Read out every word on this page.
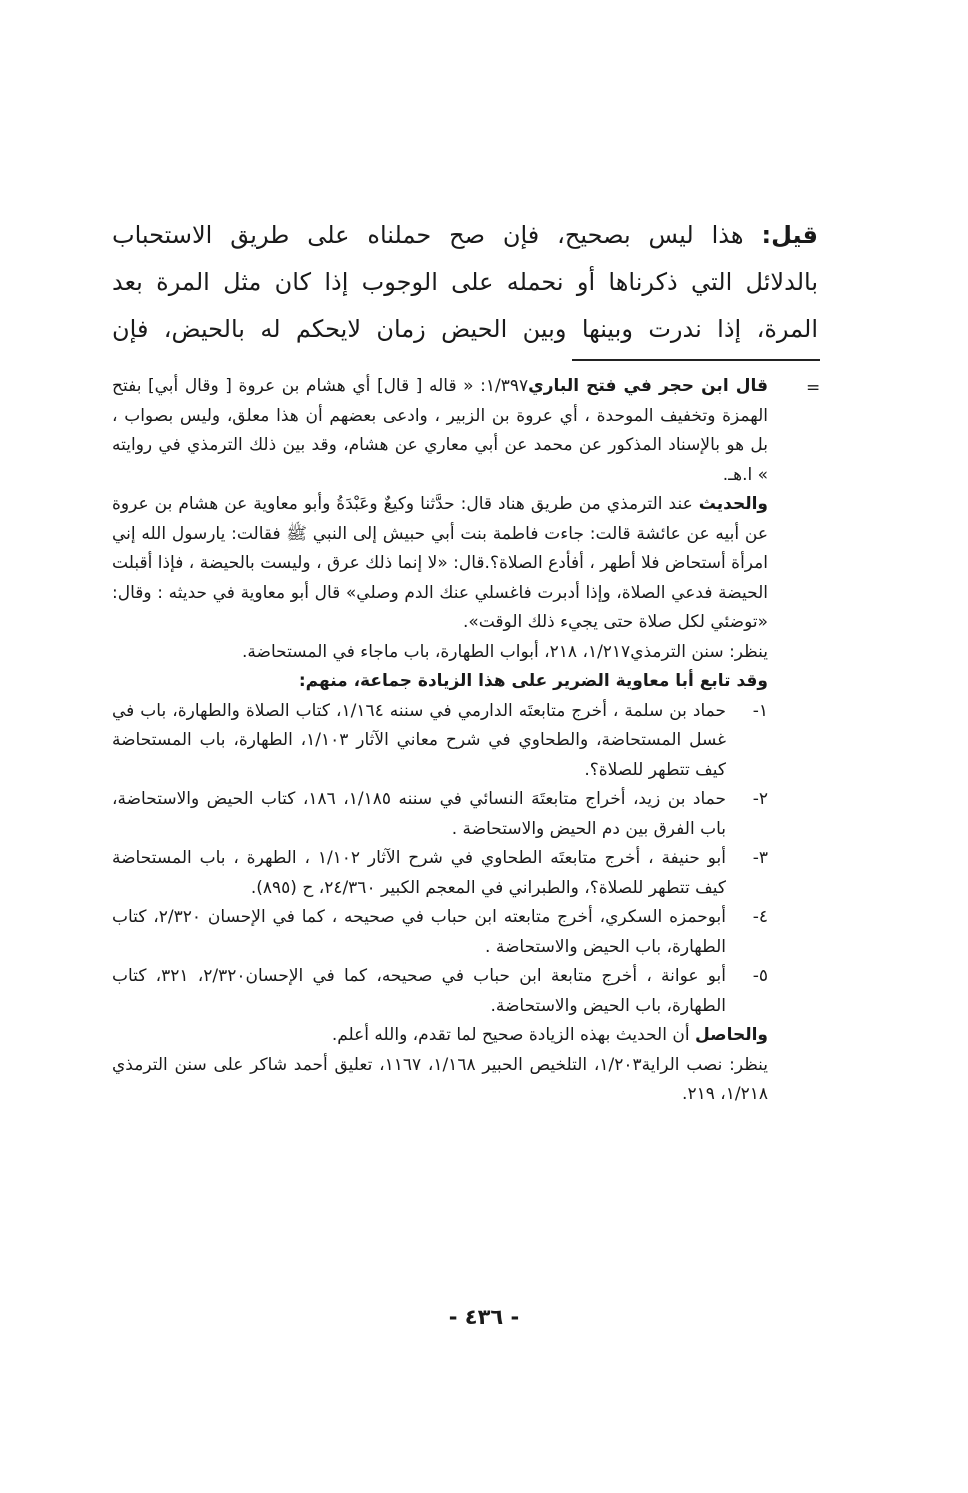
قيل: هذا ليس بصحيح، فإن صح حملناه على طريق الاستحباب
بالدلائل التي ذكرناها أو نحمله على الوجوب إذا كان مثل المرة بعد
المرة، إذا ندرت وبينها وبين الحيض زمان لايحكم له بالحيض، فإن

=

قال ابن حجر في فتح الباري١/٣٩٧: « قاله [ قال] أي هشام بن عروة [ وقال أبي] بفتح الهمزة وتخفيف الموحدة ، أي عروة بن الزبير ، وادعى بعضهم أن هذا معلق، وليس بصواب ، بل هو بالإسناد المذكور عن محمد عن أبي معاري عن هشام، وقد بين ذلك الترمذي في روايته » ا.هـ.

والحديث عند الترمذي من طريق هناد قال: حدَّثنا وكيعٌ وعَبْدَةُ وأبو معاوية عن هشام بن عروة عن أبيه عن عائشة قالت: جاءت فاطمة بنت أبي حبيش إلى النبي ﷺ فقالت: يارسول الله إني امرأة أستحاض فلا أطهر ، أفأدع الصلاة؟.قال: «لا إنما ذلك عرق ، وليست بالحيضة ، فإذا أقبلت الحيضة فدعي الصلاة، وإذا أدبرت فاغسلي عنك الدم وصلي» قال أبو معاوية في حديثه : وقال: «توضئي لكل صلاة حتى يجيء ذلك الوقت».

ينظر: سنن الترمذي١/٢١٧، ٢١٨، أبواب الطهارة، باب ماجاء في المستحاضة.

وقد تابع أبا معاوية الضرير على هذا الزيادة جماعة، منهم:

١-
حماد بن سلمة ، أخرج متابعتَه الدارمي في سننه ١/١٦٤، كتاب الصلاة والطهارة، باب في غسل المستحاضة، والطحاوي في شرح معاني الآثار ١/١٠٣، الطهارة، باب المستحاضة كيف تتطهر للصلاة؟.

٢-
حماد بن زيد، أخراج متابعتَهَ النسائي في سننه ١/١٨٥، ١٨٦، كتاب الحيض والاستحاضة، باب الفرق بين دم الحيض والاستحاضة .

٣-
أبو حنيفة ، أخرج متابعتَه الطحاوي في شرح الآثار ١/١٠٢ ، الطهرة ، باب المستحاضة كيف تتطهر للصلاة؟، والطبراني في المعجم الكبير ٢٤/٣٦٠، ح (٨٩٥).

٤-
أبوحمزه السكري، أخرج متابعته ابن حباب في صحيحه ، كما في الإحسان ٢/٣٢٠، كتاب الطهارة، باب الحيض والاستحاضة .

٥-
أبو عوانة ، أخرج متابعة ابن حباب في صحيحه، كما في الإحسان٢/٣٢٠، ٣٢١، كتاب الطهارة، باب الحيض والاستحاضة.

والحاصل أن الحديث بهذه الزيادة صحيح لما تقدم، والله أعلم.

ينظر: نصب الراية١/٢٠٣، التلخيص الحبير ١/١٦٨، ١١٦٧، تعليق أحمد شاكر على سنن الترمذي ١/٢١٨، ٢١٩.

- ٤٣٦ -
